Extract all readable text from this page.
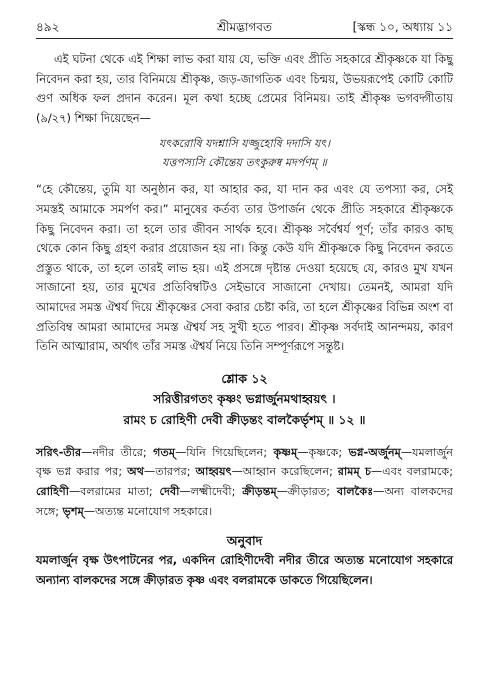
৪৯২	শ্রীমদ্ভাগবত	[স্কন্ধ ১০, অধ্যায় ১১

এই ঘটনা থেকে এই শিক্ষা লাভ করা যায় যে, ভক্তি এবং প্রীতি সহকারে শ্রীকৃষ্ণকে যা কিছু নিবেদন করা হয়, তার বিনিময়ে শ্রীকৃষ্ণ, জড়-জাগতিক এবং চিন্ময়, উভয়রূপেই কোটি কোটি গুণ অধিক ফল প্রদান করেন। মূল কথা হচ্ছে প্রেমের বিনিময়। তাই শ্রীকৃষ্ণ ভগবদ্গীতায় (৯/২৭) শিক্ষা দিয়েছেন—

যৎকরোষি যদশ্নাসি যজ্জুহোষি দদাসি যৎ।
যত্তপস্যসি কৌন্তেয় তৎকুরুষ্ব মদর্পণম্ ॥

“হে কৌন্তেয়, তুমি যা অনুষ্ঠান কর, যা আহার কর, যা দান কর এবং যে তপস্যা কর, সেই সমস্তই আমাকে সমর্পণ কর।” মানুষের কর্তব্য তার উপার্জন থেকে প্রীতি সহকারে শ্রীকৃষ্ণকে কিছু নিবেদন করা। তা হলে তার জীবন সার্থক হবে। শ্রীকৃষ্ণ সর্বৈশ্বর্য পূর্ণ; তাঁর কারও কাছ থেকে কোন কিছু গ্রহণ করার প্রয়োজন হয় না। কিন্তু কেউ যদি শ্রীকৃষ্ণকে কিছু নিবেদন করতে প্রস্তুত থাকে, তা হলে তারই লাভ হয়। এই প্রসঙ্গে দৃষ্টান্ত দেওয়া হয়েছে যে, কারও মুখ যখন সাজানো হয়, তার মুখের প্রতিবিম্বটিও সেইভাবে সাজানো দেখায়। তেমনই, আমরা যদি আমাদের সমস্ত ঐশ্বর্য দিয়ে শ্রীকৃষ্ণের সেবা করার চেষ্টা করি, তা হলে শ্রীকৃষ্ণের বিভিন্ন অংশ বা প্রতিবিম্ব আমরা আমাদের সমস্ত ঐশ্বর্য সহ সুখী হতে পারব। শ্রীকৃষ্ণ সর্বদাই আনন্দময়, কারণ তিনি আত্মারাম, অর্থাৎ তাঁর সমস্ত ঐশ্বর্য নিয়ে তিনি সম্পূর্ণরূপে সন্তুষ্ট।

শ্লোক ১২
সরিত্তীরগতং কৃষ্ণং ভগ্নার্জুনমথাহ্বয়ৎ ।
রামং চ রোহিণী দেবী ক্রীড়ন্তং বালকৈর্ভৃশম্ ॥ ১২ ॥
সরিৎ-তীর—নদীর তীরে; গতম্—যিনি গিয়েছিলেন; কৃষ্ণম্—কৃষ্ণকে; ভগ্ন-অর্জুনম্—যমলার্জুন বৃক্ষ ভগ্ন করার পর; অথ—তারপর; আহ্বয়ৎ—আহ্বান করেছিলেন; রামম্ চ—এবং বলরামকে; রোহিণী—বলরামের মাতা; দেবী—লক্ষ্মীদেবী; ক্রীড়ন্তম্—ক্রীড়ারত; বালকৈঃ—অন্য বালকদের সঙ্গে; ভৃশম্—অত্যন্ত মনোযোগ সহকারে।
অনুবাদ

যমলার্জুন বৃক্ষ উৎপাটনের পর, একদিন রোহিণীদেবী নদীর তীরে অত্যন্ত মনোযোগ সহকারে অন্যান্য বালকদের সঙ্গে ক্রীড়ারত কৃষ্ণ এবং বলরামকে ডাকতে গিয়েছিলেন।
